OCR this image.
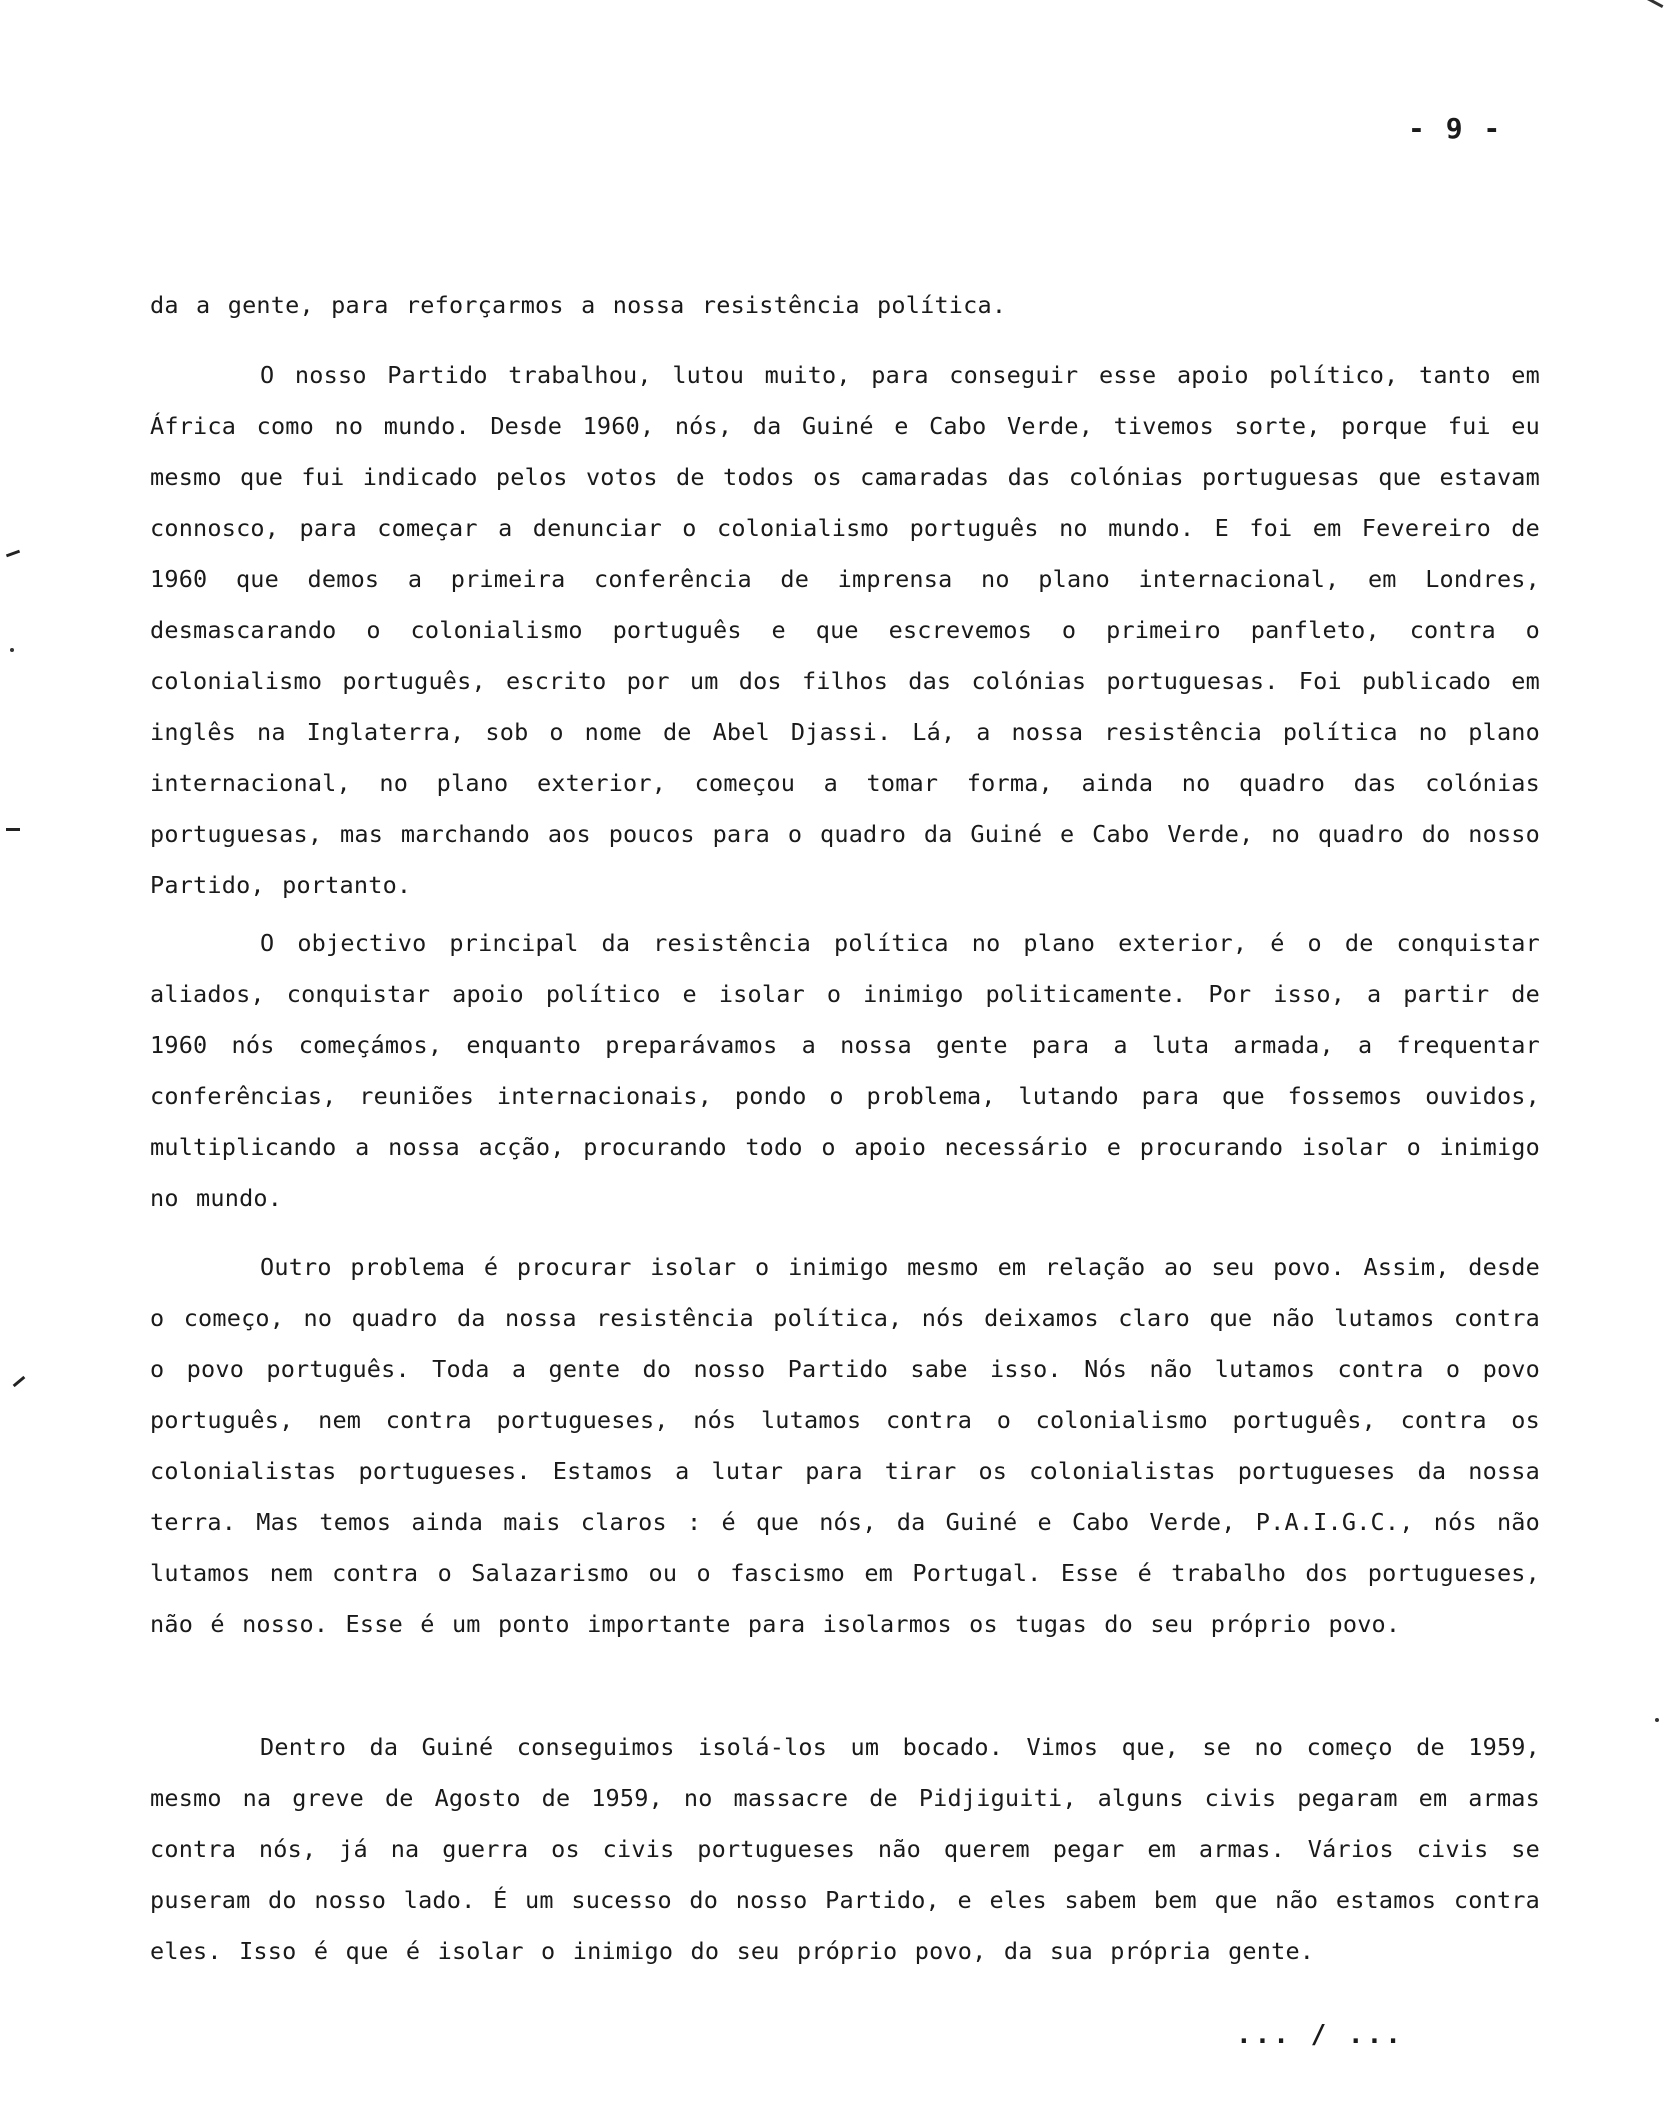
- 9 -

da a gente, para reforçarmos a nossa resistência política.

O nosso Partido trabalhou, lutou muito, para conseguir esse apoio político, tanto em África como no mundo. Desde 1960, nós, da Guiné e Cabo Verde, tivemos sorte, porque fui eu mesmo que fui indicado pelos votos de todos os camaradas das colónias portuguesas que estavam connosco, para começar a denunciar o colonialismo português no mundo. E foi em Fevereiro de 1960 que demos a primeira conferência de imprensa no plano internacional, em Londres, desmascarando o colonialismo português e que escrevemos o primeiro panfleto, contra o colonialismo português, escrito por um dos filhos das colónias portuguesas. Foi publicado em inglês na Inglaterra, sob o nome de Abel Djassi. Lá, a nossa resistência política no plano internacional, no plano exterior, começou a tomar forma, ainda no quadro das colónias portuguesas, mas marchando aos poucos para o quadro da Guiné e Cabo Verde, no quadro do nosso Partido, portanto.

O objectivo principal da resistência política no plano exterior, é o de conquistar aliados, conquistar apoio político e isolar o inimigo politicamente. Por isso, a partir de 1960 nós começámos, enquanto preparávamos a nossa gente para a luta armada, a frequentar conferências, reuniões internacionais, pondo o problema, lutando para que fossemos ouvidos, multiplicando a nossa acção, procurando todo o apoio necessário e procurando isolar o inimigo no mundo.

Outro problema é procurar isolar o inimigo mesmo em relação ao seu povo. Assim, desde o começo, no quadro da nossa resistência política, nós deixamos claro que não lutamos contra o povo português. Toda a gente do nosso Partido sabe isso. Nós não lutamos contra o povo português, nem contra portugueses, nós lutamos contra o colonialismo português, contra os colonialistas portugueses. Estamos a lutar para tirar os colonialistas portugueses da nossa terra. Mas temos ainda mais claros : é que nós, da Guiné e Cabo Verde, P.A.I.G.C., nós não lutamos nem contra o Salazarismo ou o fascismo em Portugal. Esse é trabalho dos portugueses, não é nosso. Esse é um ponto importante para isolarmos os tugas do seu próprio povo.

Dentro da Guiné conseguimos isolá-los um bocado. Vimos que, se no começo de 1959, mesmo na greve de Agosto de 1959, no massacre de Pidjiguiti, alguns civis pegaram em armas contra nós, já na guerra os civis portugueses não querem pegar em armas. Vários civis se puseram do nosso lado. É um sucesso do nosso Partido, e eles sabem bem que não estamos contra eles. Isso é que é isolar o inimigo do seu próprio povo, da sua própria gente.

... / ...
